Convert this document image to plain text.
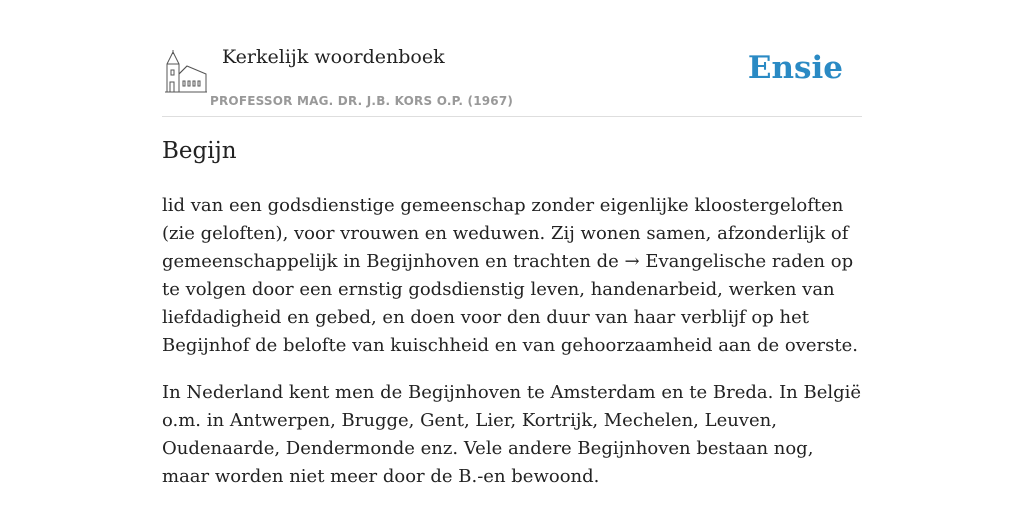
Kerkelijk woordenboek
PROFESSOR MAG. DR. J.B. KORS O.P. (1967)
Ensie
Begijn

lid van een godsdienstige gemeenschap zonder eigenlijke kloostergeloften (zie geloften), voor vrouwen en weduwen. Zij wonen samen, afzonderlijk of gemeenschappelijk in Begijnhoven en trachten de → Evangelische raden op te volgen door een ernstig godsdienstig leven, handenarbeid, werken van liefdadigheid en gebed, en doen voor den duur van haar verblijf op het Begijnhof de belofte van kuischheid en van gehoorzaamheid aan de overste.

In Nederland kent men de Begijnhoven te Amsterdam en te Breda. In België o.m. in Antwerpen, Brugge, Gent, Lier, Kortrijk, Mechelen, Leuven, Oudenaarde, Dendermonde enz. Vele andere Begijnhoven bestaan nog, maar worden niet meer door de B.-en bewoond.
